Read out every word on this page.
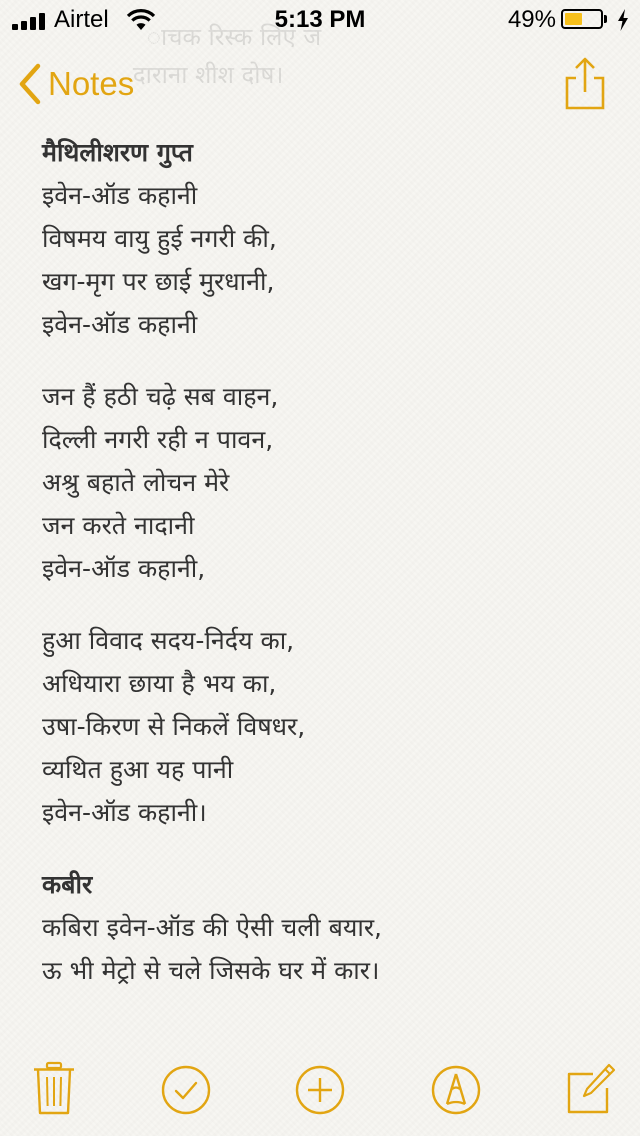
Airtel	5:13 PM	49%
ाचक रिस्क लिए ज
दाराना शीश दोष।
Notes
मैथिलीशरण गुप्त
इवेन-ऑड कहानी
विषमय वायु हुई नगरी की,
खग-मृग पर छाई मुरधानी,
इवेन-ऑड कहानी
जन हैं हठी चढ़े सब वाहन,
दिल्ली नगरी रही न पावन,
अश्रु बहाते लोचन मेरे
जन करते नादानी
इवेन-ऑड कहानी,
हुआ विवाद सदय-निर्दय का,
अधियारा छाया है भय का,
उषा-किरण से निकलें विषधर,
व्यथित हुआ यह पानी
इवेन-ऑड कहानी।
कबीर
कबिरा इवेन-ऑड की ऐसी चली बयार,
ऊ भी मेट्रो से चले जिसके घर में कार।
